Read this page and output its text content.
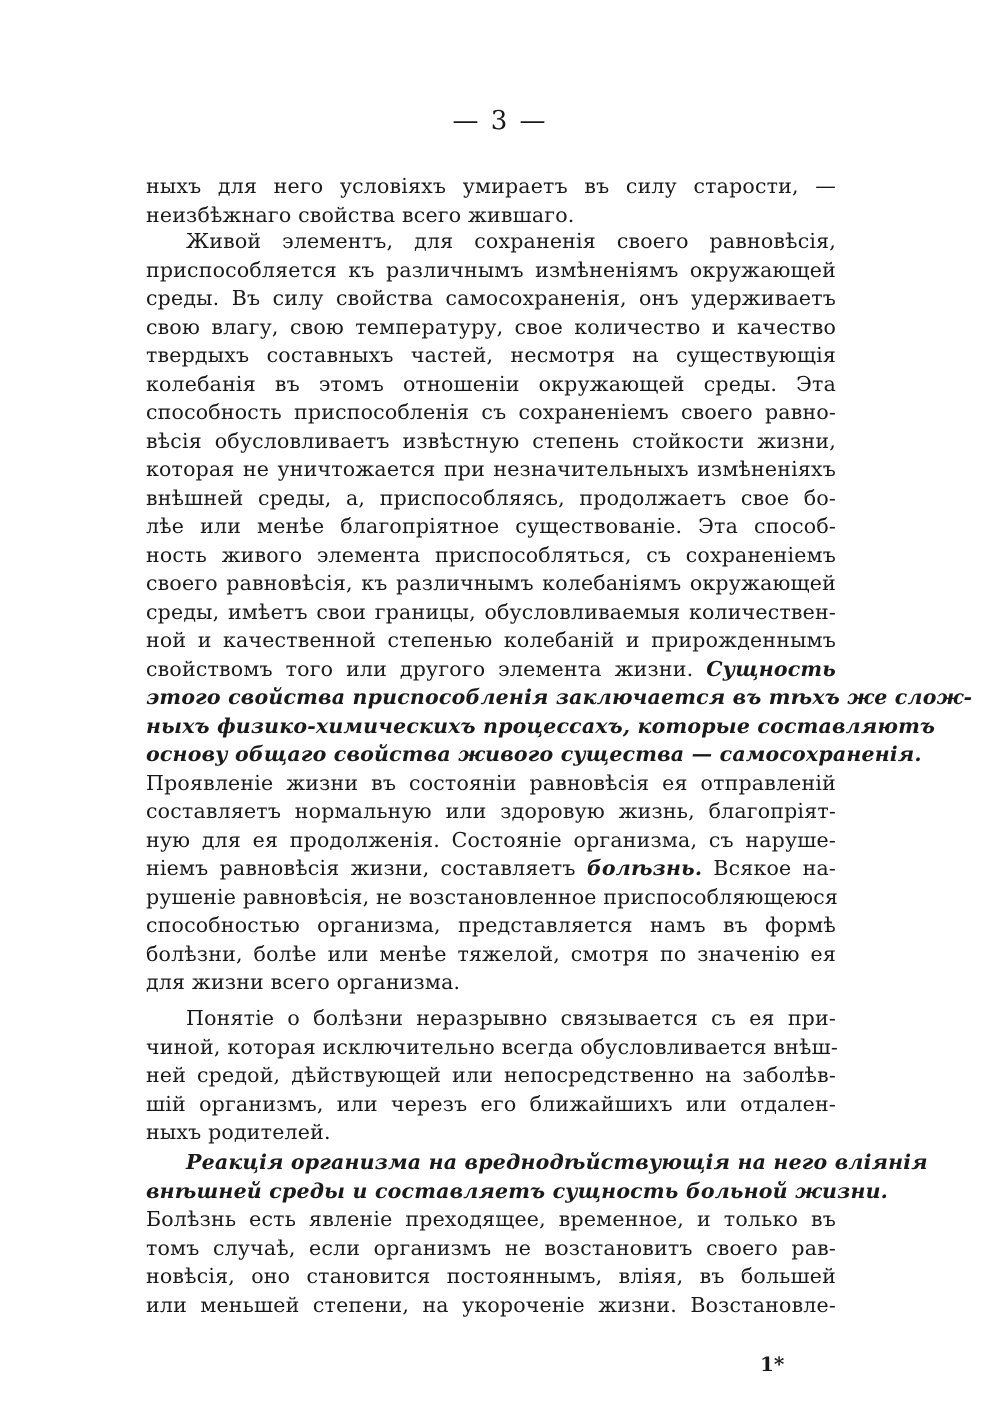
— 3 —
ныхъ для него условіяхъ умираетъ въ силу старости, —
неизбѣжнаго свойства всего жившаго.
Живой элементъ, для сохраненія своего равновѣсія,
приспособляется къ различнымъ измѣненіямъ окружающей
среды. Въ силу свойства самосохраненія, онъ удерживаетъ
свою влагу, свою температуру, свое количество и качество
твердыхъ составныхъ частей, несмотря на существующія
колебанія въ этомъ отношеніи окружающей среды. Эта
способность приспособленія съ сохраненіемъ своего равно-
вѣсія обусловливаетъ извѣстную степень стойкости жизни,
которая не уничтожается при незначительныхъ измѣненіяхъ
внѣшней среды, а, приспособляясь, продолжаетъ свое бо-
лѣе или менѣе благопріятное существованіе. Эта способ-
ность живого элемента приспособляться, съ сохраненіемъ
своего равновѣсія, къ различнымъ колебаніямъ окружающей
среды, имѣетъ свои границы, обусловливаемыя количествен-
ной и качественной степенью колебаній и прирожденнымъ
свойствомъ того или другого элемента жизни. Сущность
этого свойства приспособленія заключается въ тѣхъ же слож-
ныхъ физико-химическихъ процессахъ, которые составляютъ
основу общаго свойства живого существа — самосохраненія.
Проявленіе жизни въ состояніи равновѣсія ея отправленій
составляетъ нормальную или здоровую жизнь, благопріят-
ную для ея продолженія. Состояніе организма, съ наруше-
ніемъ равновѣсія жизни, составляетъ болѣзнь. Всякое на-
рушеніе равновѣсія, не возстановленное приспособляющеюся
способностью организма, представляется намъ въ формѣ
болѣзни, болѣе или менѣе тяжелой, смотря по значенію ея
для жизни всего организма.
Понятіе о болѣзни неразрывно связывается съ ея при-
чиной, которая исключительно всегда обусловливается внѣш-
ней средой, дѣйствующей или непосредственно на заболѣв-
шій организмъ, или черезъ его ближайшихъ или отдален-
ныхъ родителей.
Реакція организма на вреднодѣйствующія на него вліянія
внѣшней среды и составляетъ сущность больной жизни.
Болѣзнь есть явленіе преходящее, временное, и только въ
томъ случаѣ, если организмъ не возстановитъ своего рав-
новѣсія, оно становится постояннымъ, вліяя, въ большей
или меньшей степени, на укороченіе жизни. Возстановле-
1*
